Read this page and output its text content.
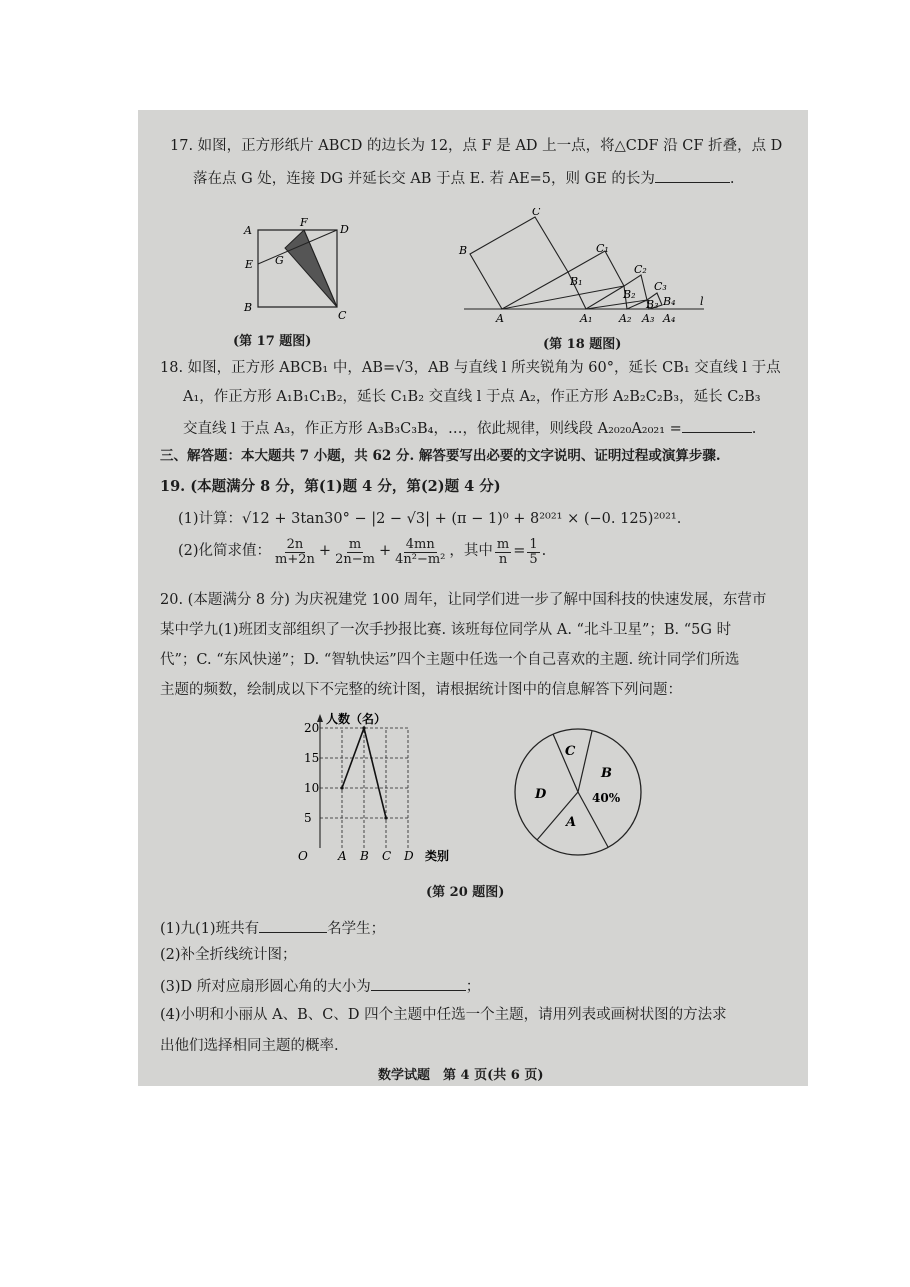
17. 如图，正方形纸片 ABCD 的边长为 12，点 F 是 AD 上一点，将△CDF 沿 CF 折叠，点 D
落在点 G 处，连接 DG 并延长交 AB 于点 E. 若 AE=5，则 GE 的长为	.
A
B
C
D
E
F
G
(第 17 题图)
C
B
A
l
C₁
B₁
A₁
C₂
B₂
A₂
C₃
B₃
A₃
B₄
A₄
(第 18 题图)
18. 如图，正方形 ABCB₁ 中，AB=√3，AB 与直线 l 所夹锐角为 60°，延长 CB₁ 交直线 l 于点
A₁，作正方形 A₁B₁C₁B₂，延长 C₁B₂ 交直线 l 于点 A₂，作正方形 A₂B₂C₂B₃，延长 C₂B₃
交直线 l 于点 A₃，作正方形 A₃B₃C₃B₄，…，依此规律，则线段 A₂₀₂₀A₂₀₂₁ =	.
三、解答题：本大题共 7 小题，共 62 分. 解答要写出必要的文字说明、证明过程或演算步骤.
19. (本题满分 8 分，第(1)题 4 分，第(2)题 4 分)
(1)计算：√12 + 3tan30° − |2 − √3| + (π − 1)⁰ + 8²⁰²¹ × (−0. 125)²⁰²¹.
(2)化简求值： $\frac{2n}{m+2n} + \frac{m}{2n-m} + \frac{4mn}{\text{4n²−m²}}$ ，其中 $\frac{m}{n} = \frac{1}{5}$ .
20. (本题满分 8 分) 为庆祝建党 100 周年，让同学们进一步了解中国科技的快速发展，东营市
某中学九(1)班团支部组织了一次手抄报比赛. 该班每位同学从 A. “北斗卫星”；B. “5G 时
代”；C. “东风快递”；D. “智轨快运”四个主题中任选一个自己喜欢的主题. 统计同学们所选
主题的频数，绘制成以下不完整的统计图，请根据统计图中的信息解答下列问题：
人数（名）
O	类别
5
10
15
20
A B C D
C
B
40%
D
A
(第 20 题图)
(1)九(1)班共有	名学生；
(2)补全折线统计图；
(3)D 所对应扇形圆心角的大小为	；
(4)小明和小丽从 A、B、C、D 四个主题中任选一个主题，请用列表或画树状图的方法求
出他们选择相同主题的概率.
数学试题　第 4 页(共 6 页)
